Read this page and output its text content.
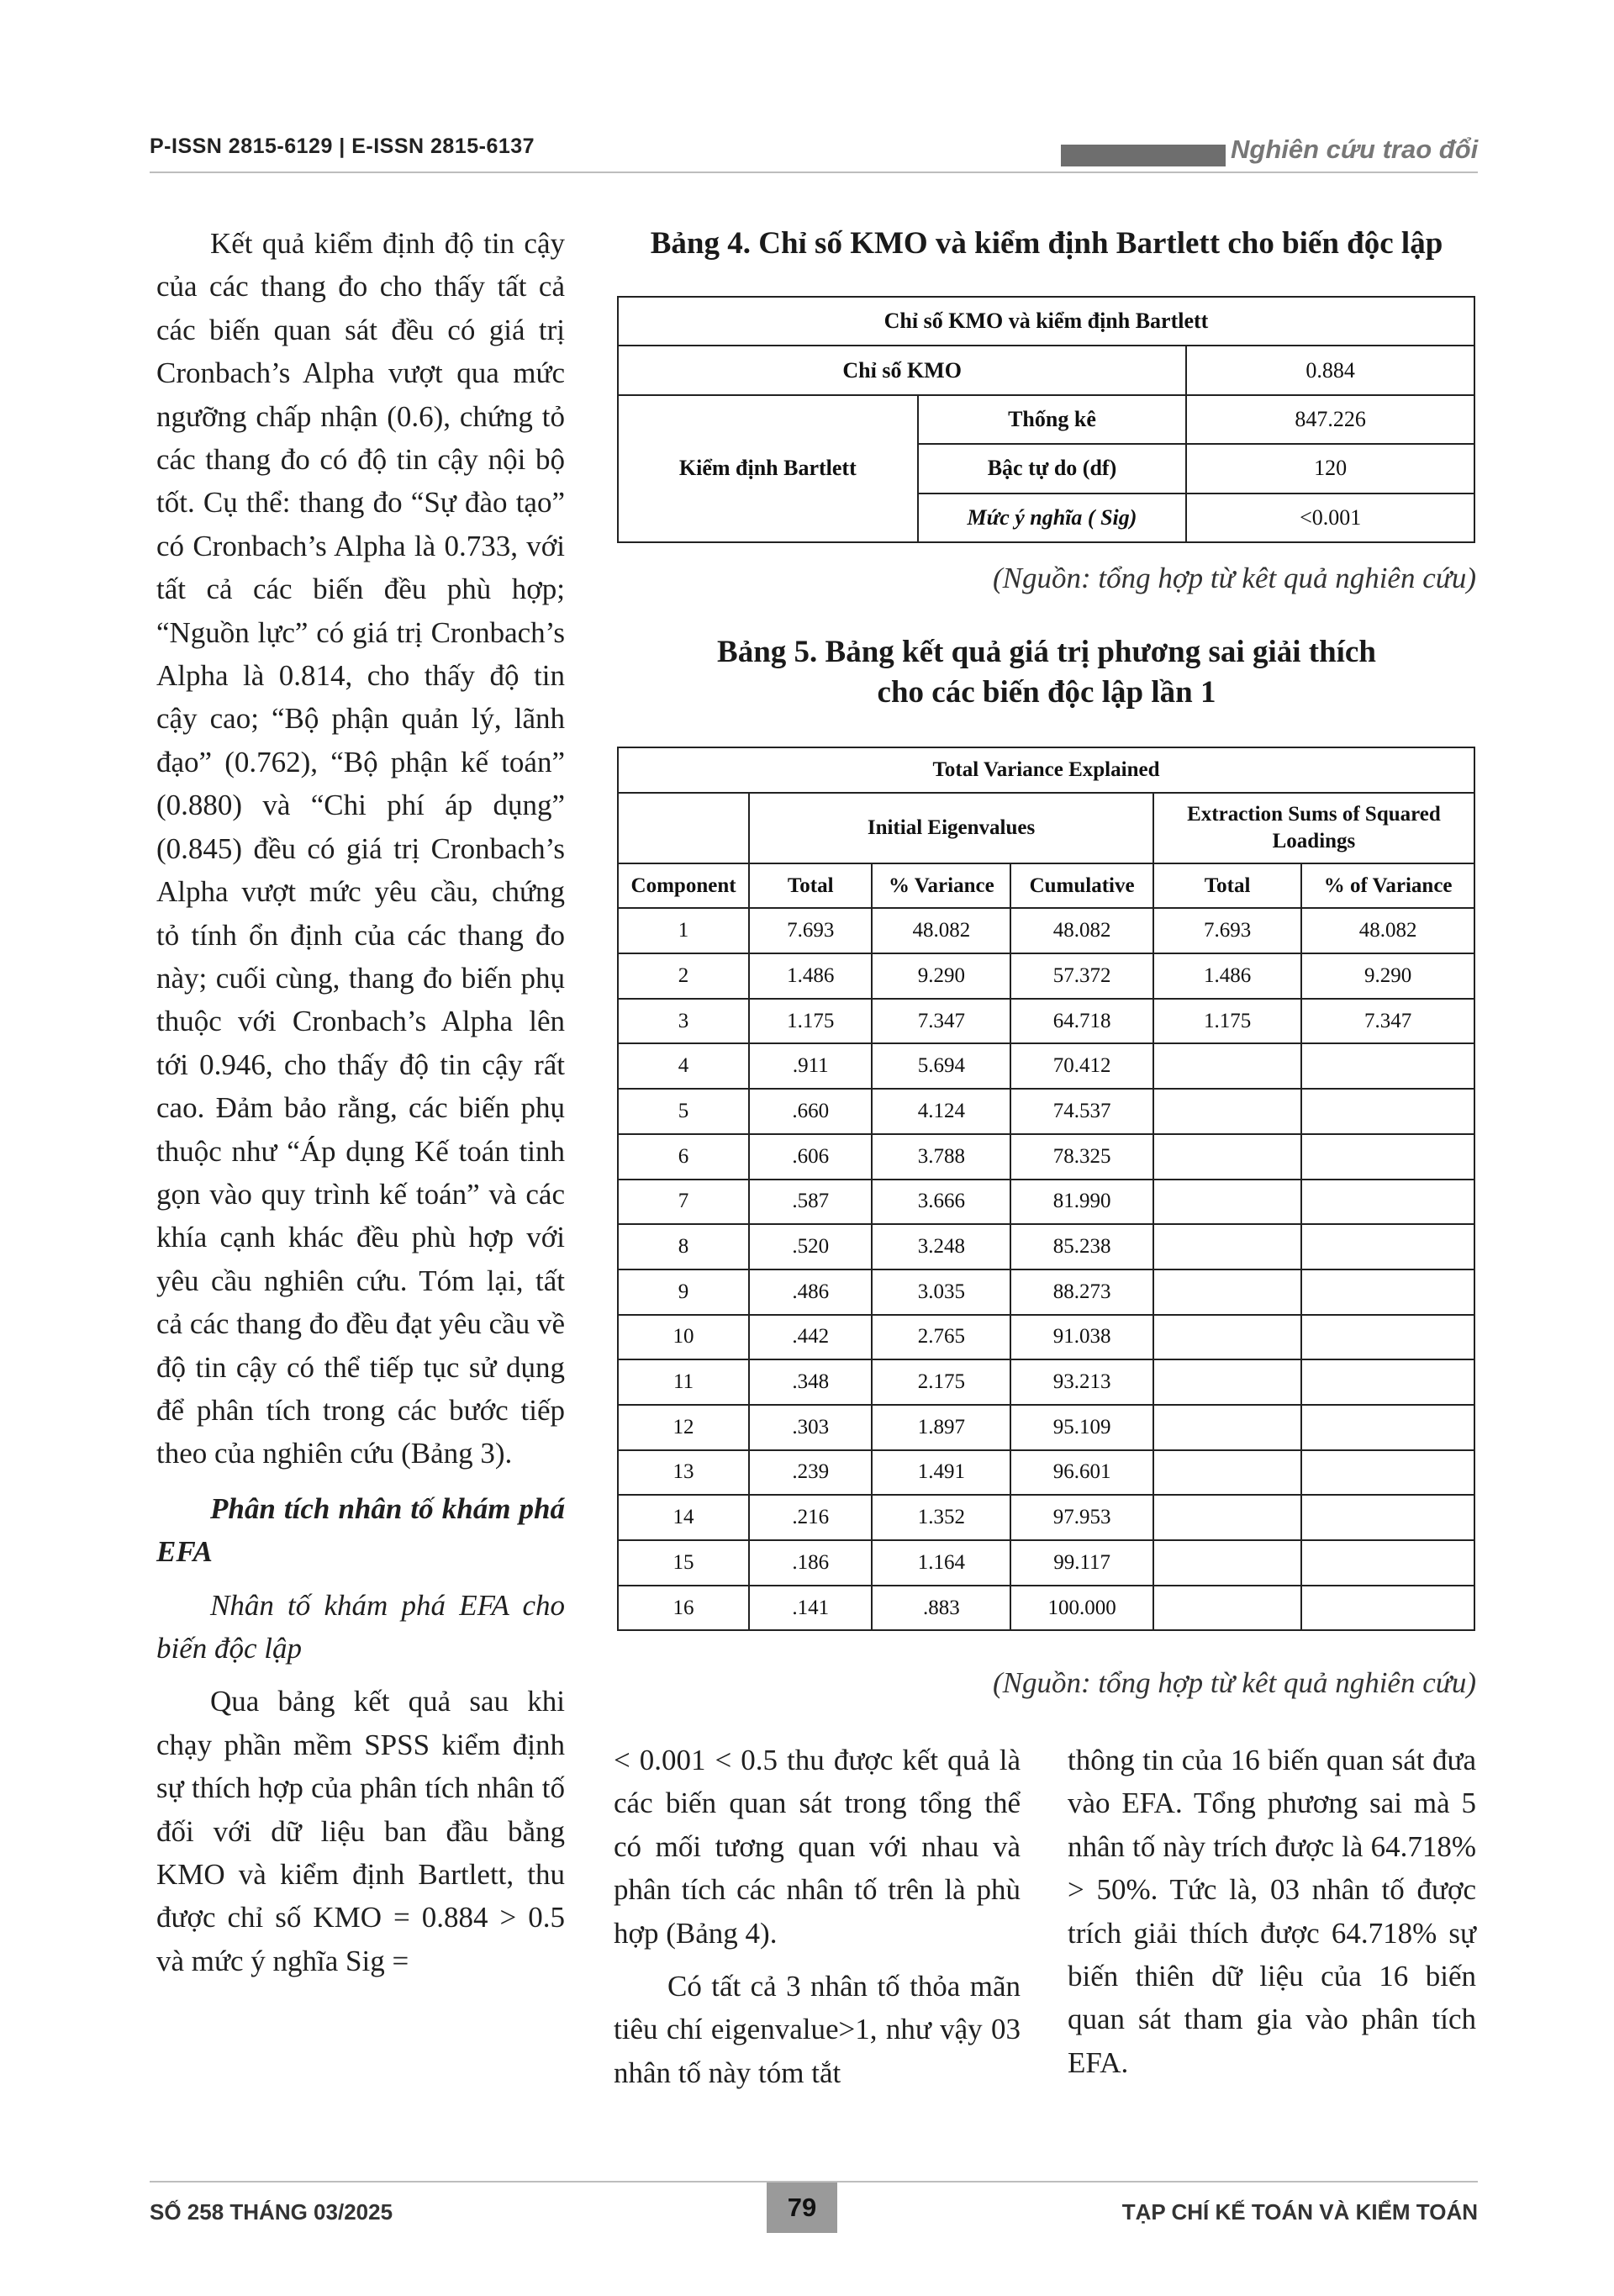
P-ISSN 2815-6129 | E-ISSN 2815-6137	Nghiên cứu trao đổi

Kết quả kiểm định độ tin cậy của các thang đo cho thấy tất cả các biến quan sát đều có giá trị Cronbach’s Alpha vượt qua mức ngưỡng chấp nhận (0.6), chứng tỏ các thang đo có độ tin cậy nội bộ tốt. Cụ thể: thang đo “Sự đào tạo” có Cronbach’s Alpha là 0.733, với tất cả các biến đều phù hợp; “Nguồn lực” có giá trị Cronbach’s Alpha là 0.814, cho thấy độ tin cậy cao; “Bộ phận quản lý, lãnh đạo” (0.762), “Bộ phận kế toán” (0.880) và “Chi phí áp dụng” (0.845) đều có giá trị Cronbach’s Alpha vượt mức yêu cầu, chứng tỏ tính ổn định của các thang đo này; cuối cùng, thang đo biến phụ thuộc với Cronbach’s Alpha lên tới 0.946, cho thấy độ tin cậy rất cao. Đảm bảo rằng, các biến phụ thuộc như “Áp dụng Kế toán tinh gọn vào quy trình kế toán” và các khía cạnh khác đều phù hợp với yêu cầu nghiên cứu. Tóm lại, tất cả các thang đo đều đạt yêu cầu về độ tin cậy có thể tiếp tục sử dụng để phân tích trong các bước tiếp theo của nghiên cứu (Bảng 3).

Phân tích nhân tố khám phá EFA

Nhân tố khám phá EFA cho biến độc lập

Qua bảng kết quả sau khi chạy phần mềm SPSS kiểm định sự thích hợp của phân tích nhân tố đối với dữ liệu ban đầu bằng KMO và kiểm định Bartlett, thu được chỉ số KMO = 0.884 > 0.5 và mức ý nghĩa Sig =

Bảng 4. Chỉ số KMO và kiểm định Bartlett cho biến độc lập
Chỉ số KMO và kiểm định Bartlett		
Chỉ số KMO		0.884
Kiểm định Bartlett	Thống kê	847.226
	Bậc tự do (df)	120
	Mức ý nghĩa ( Sig)	<0.001
(Nguồn: tổng hợp từ kêt quả nghiên cứu)
Bảng 5. Bảng kết quả giá trị phương sai giải thích
cho các biến độc lập lần 1
Total Variance Explained					
	Initial Eigenvalues			Extraction Sums of Squared Loadings	
Component	Total	% Variance	Cumulative	Total	% of Variance
1	7.693	48.082	48.082	7.693	48.082
2	1.486	9.290	57.372	1.486	9.290
3	1.175	7.347	64.718	1.175	7.347
4	.911	5.694	70.412		
5	.660	4.124	74.537		
6	.606	3.788	78.325		
7	.587	3.666	81.990		
8	.520	3.248	85.238		
9	.486	3.035	88.273		
10	.442	2.765	91.038		
11	.348	2.175	93.213		
12	.303	1.897	95.109		
13	.239	1.491	96.601		
14	.216	1.352	97.953		
15	.186	1.164	99.117		
16	.141	.883	100.000		
(Nguồn: tổng hợp từ kêt quả nghiên cứu)

< 0.001 < 0.5 thu được kết quả là các biến quan sát trong tổng thể có mối tương quan với nhau và phân tích các nhân tố trên là phù hợp (Bảng 4).

Có tất cả 3 nhân tố thỏa mãn tiêu chí eigenvalue>1, như vậy 03 nhân tố này tóm tắt

thông tin của 16 biến quan sát đưa vào EFA. Tổng phương sai mà 5 nhân tố này trích được là 64.718% > 50%. Tức là, 03 nhân tố được trích giải thích được 64.718% sự biến thiên dữ liệu của 16 biến quan sát tham gia vào phân tích EFA.

SỐ 258 THÁNG 03/2025	79	TẠP CHÍ KẾ TOÁN VÀ KIỂM TOÁN
